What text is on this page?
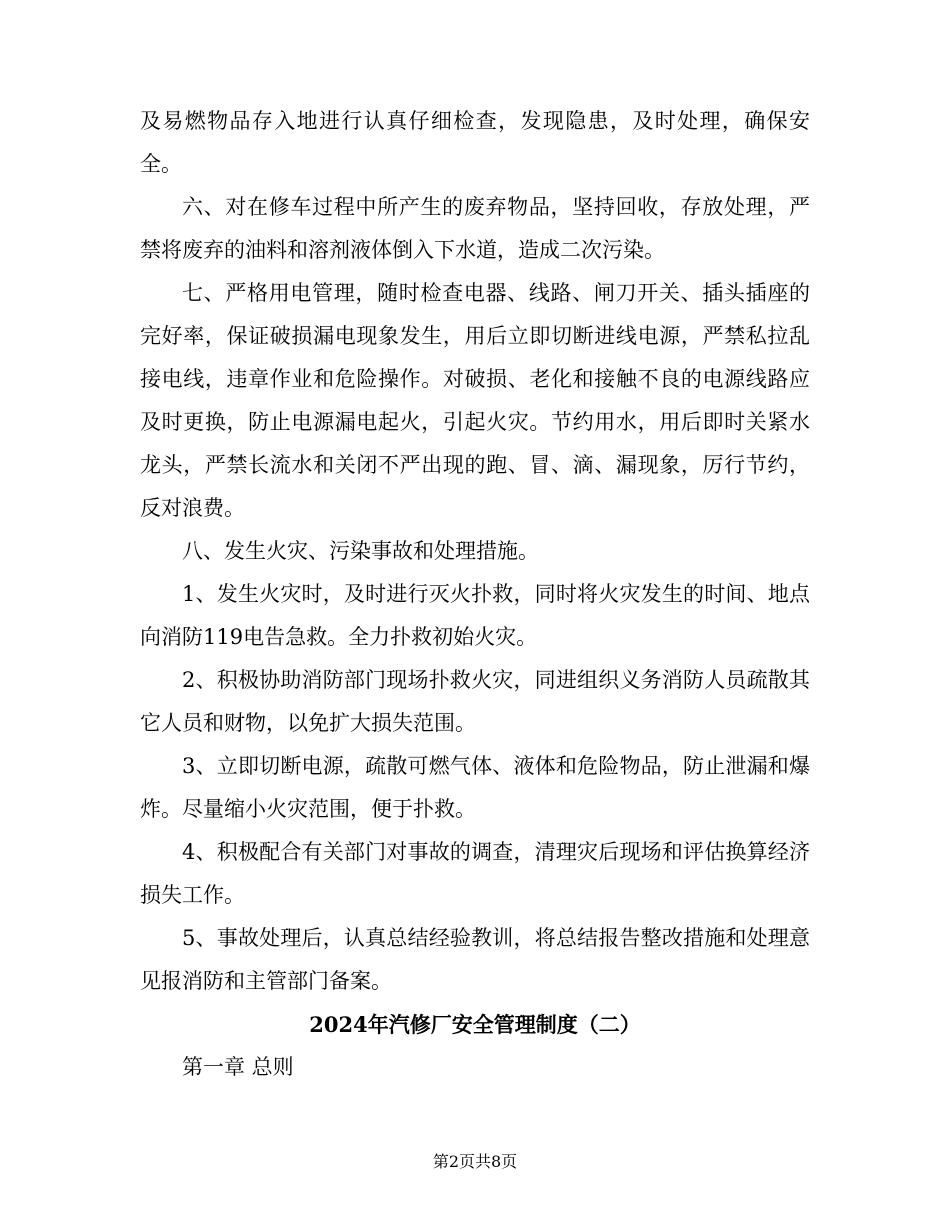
及易燃物品存入地进行认真仔细检查，发现隐患，及时处理，确保安全。

六、对在修车过程中所产生的废弃物品，坚持回收，存放处理，严禁将废弃的油料和溶剂液体倒入下水道，造成二次污染。

七、严格用电管理，随时检查电器、线路、闸刀开关、插头插座的完好率，保证破损漏电现象发生，用后立即切断进线电源，严禁私拉乱接电线，违章作业和危险操作。对破损、老化和接触不良的电源线路应及时更换，防止电源漏电起火，引起火灾。节约用水，用后即时关紧水龙头，严禁长流水和关闭不严出现的跑、冒、滴、漏现象，厉行节约，反对浪费。

八、发生火灾、污染事故和处理措施。

1、发生火灾时，及时进行灭火扑救，同时将火灾发生的时间、地点向消防119电告急救。全力扑救初始火灾。

2、积极协助消防部门现场扑救火灾，同进组织义务消防人员疏散其它人员和财物，以免扩大损失范围。

3、立即切断电源，疏散可燃气体、液体和危险物品，防止泄漏和爆炸。尽量缩小火灾范围，便于扑救。

4、积极配合有关部门对事故的调查，清理灾后现场和评估换算经济损失工作。

5、事故处理后，认真总结经验教训，将总结报告整改措施和处理意见报消防和主管部门备案。

2024年汽修厂安全管理制度（二）

第一章 总则

第2页共8页
